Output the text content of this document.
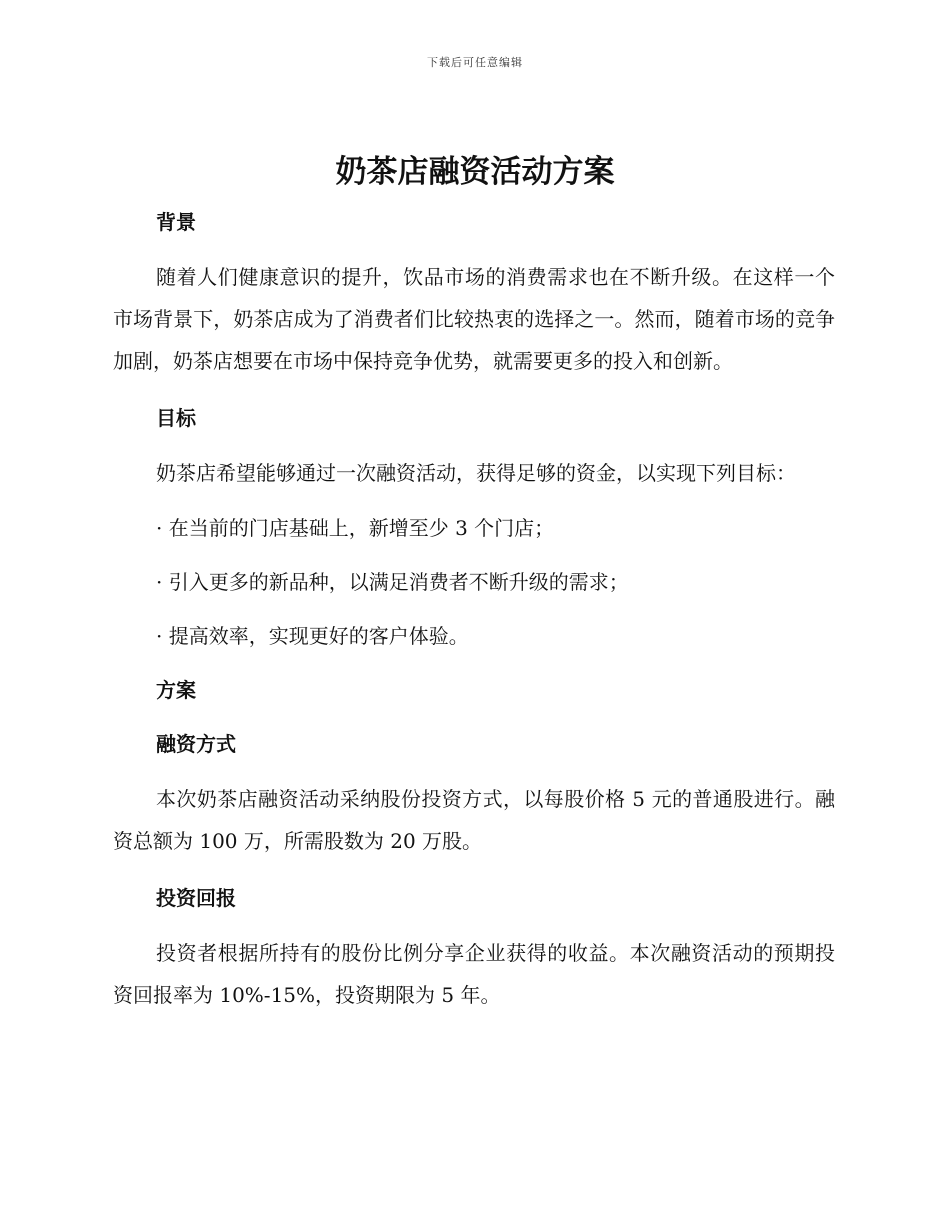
下载后可任意编辑
奶茶店融资活动方案
背景

随着人们健康意识的提升，饮品市场的消费需求也在不断升级。在这样一个市场背景下，奶茶店成为了消费者们比较热衷的选择之一。然而，随着市场的竞争加剧，奶茶店想要在市场中保持竞争优势，就需要更多的投入和创新。

目标

奶茶店希望能够通过一次融资活动，获得足够的资金，以实现下列目标：

· 在当前的门店基础上，新增至少 3 个门店；

· 引入更多的新品种，以满足消费者不断升级的需求；

· 提高效率，实现更好的客户体验。

方案
融资方式

本次奶茶店融资活动采纳股份投资方式，以每股价格 5 元的普通股进行。融资总额为 100 万，所需股数为 20 万股。

投资回报

投资者根据所持有的股份比例分享企业获得的收益。本次融资活动的预期投资回报率为 10%-15%，投资期限为 5 年。
